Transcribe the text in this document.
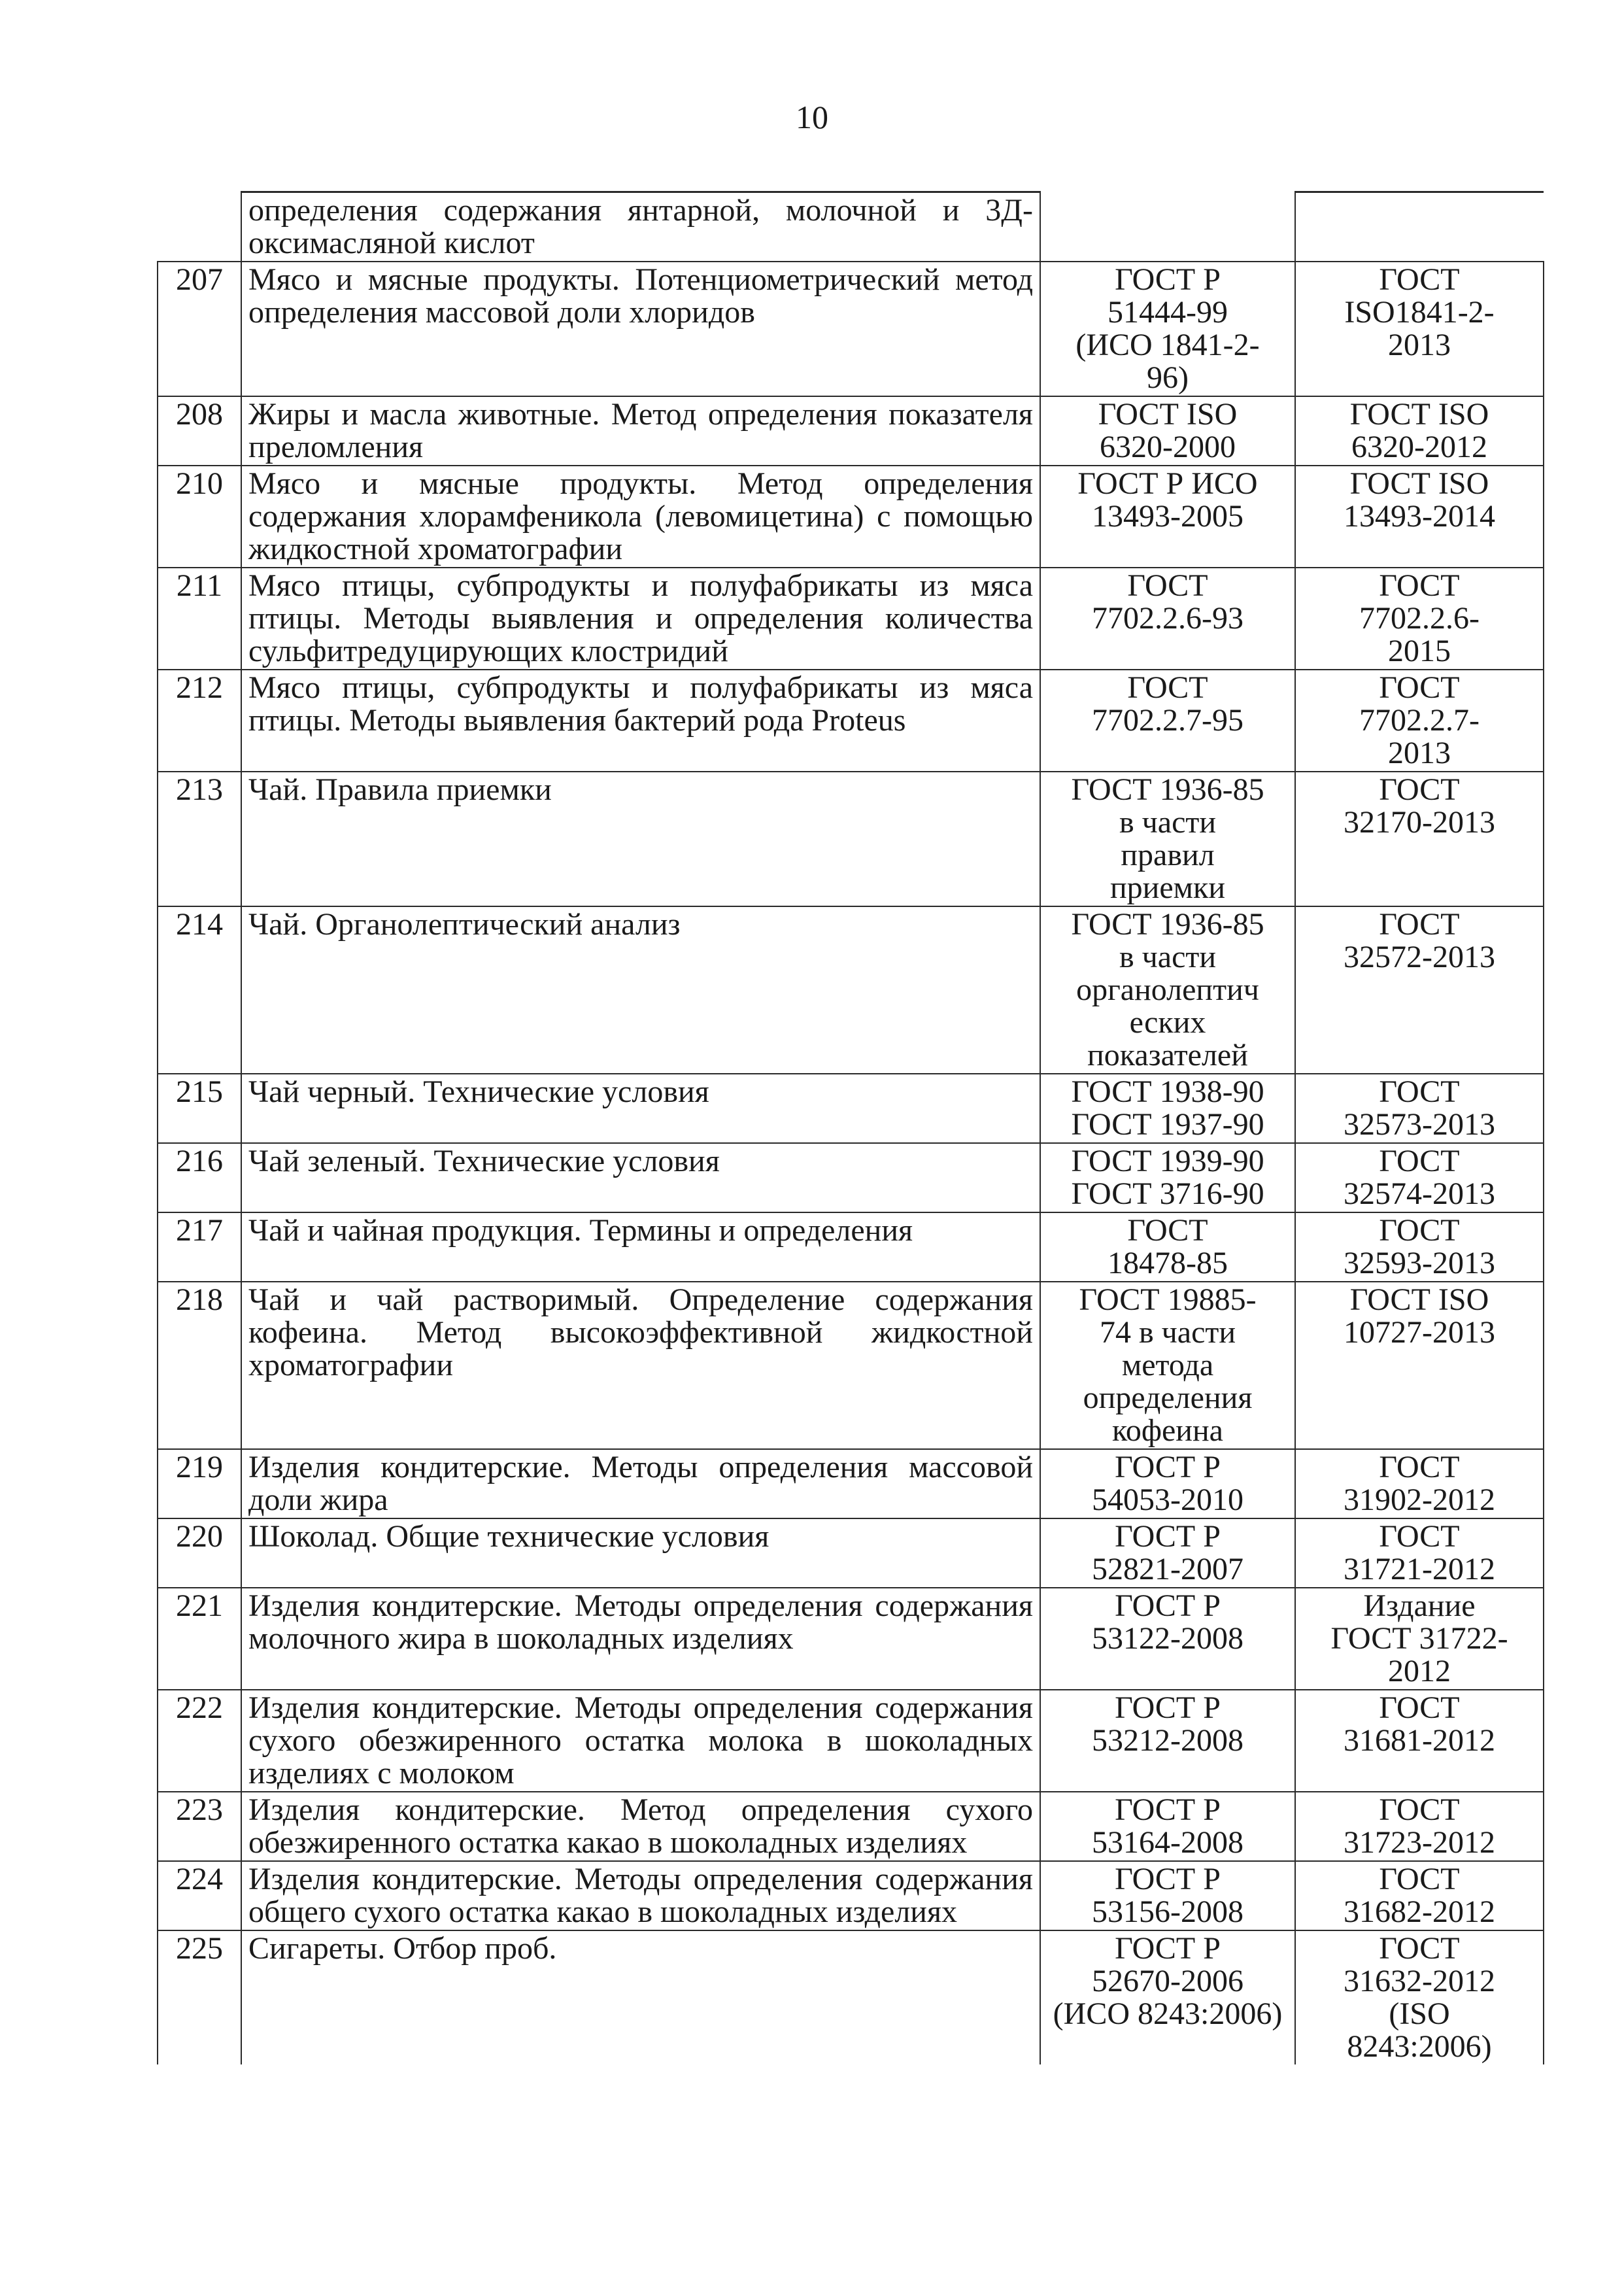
10
	определения содержания янтарной, молочной и 3Д-оксимасляной кислот		
207	Мясо и мясные продукты. Потенциометрический метод определения массовой доли хлоридов	ГОСТ Р
51444-99
(ИСО 1841-2-
96)	ГОСТ
ISO1841-2-
2013

208	Жиры и масла животные. Метод определения показателя преломления	ГОСТ ISO
6320-2000	ГОСТ ISO
6320-2012

210	Мясо и мясные продукты. Метод определения содержания хлорамфеникола (левомицетина) с помощью жидкостной хроматографии	ГОСТ Р ИСО
13493-2005	ГОСТ ISO
13493-2014

211	Мясо птицы, субпродукты и полуфабрикаты из мяса птицы. Методы выявления и определения количества сульфитредуцирующих клостридий	ГОСТ
7702.2.6-93	ГОСТ
7702.2.6-
2015

212	Мясо птицы, субпродукты и полуфабрикаты из мяса птицы. Методы выявления бактерий рода Proteus	ГОСТ
7702.2.7-95	ГОСТ
7702.2.7-
2013

213	Чай. Правила приемки	ГОСТ 1936-85
в части
правил
приемки	ГОСТ
32170-2013

214	Чай. Органолептический анализ	ГОСТ 1936-85
в части
органолептич
еских
показателей	ГОСТ
32572-2013

215	Чай черный. Технические условия	ГОСТ 1938-90
ГОСТ 1937-90	ГОСТ
32573-2013

216	Чай зеленый. Технические условия	ГОСТ 1939-90
ГОСТ 3716-90	ГОСТ
32574-2013

217	Чай и чайная продукция. Термины и определения	ГОСТ
18478-85	ГОСТ
32593-2013

218	Чай и чай растворимый. Определение содержания кофеина. Метод высокоэффективной жидкостной хроматографии	ГОСТ 19885-
74 в части
метода
определения
кофеина	ГОСТ ISO
10727-2013

219	Изделия кондитерские. Методы определения массовой доли жира	ГОСТ Р
54053-2010	ГОСТ
31902-2012

220	Шоколад. Общие технические условия	ГОСТ Р
52821-2007	ГОСТ
31721-2012

221	Изделия кондитерские. Методы определения содержания молочного жира в шоколадных изделиях	ГОСТ Р
53122-2008	Издание
ГОСТ 31722-
2012

222	Изделия кондитерские. Методы определения содержания сухого обезжиренного остатка молока в шоколадных изделиях с молоком	ГОСТ Р
53212-2008	ГОСТ
31681-2012

223	Изделия кондитерские. Метод определения сухого обезжиренного остатка какао в шоколадных изделиях	ГОСТ Р
53164-2008	ГОСТ
31723-2012

224	Изделия кондитерские. Методы определения содержания общего сухого остатка какао в шоколадных изделиях	ГОСТ Р
53156-2008	ГОСТ
31682-2012

225	Сигареты. Отбор проб.	ГОСТ Р
52670-2006
(ИСО 8243:2006)	ГОСТ
31632-2012
(ISO
8243:2006)
